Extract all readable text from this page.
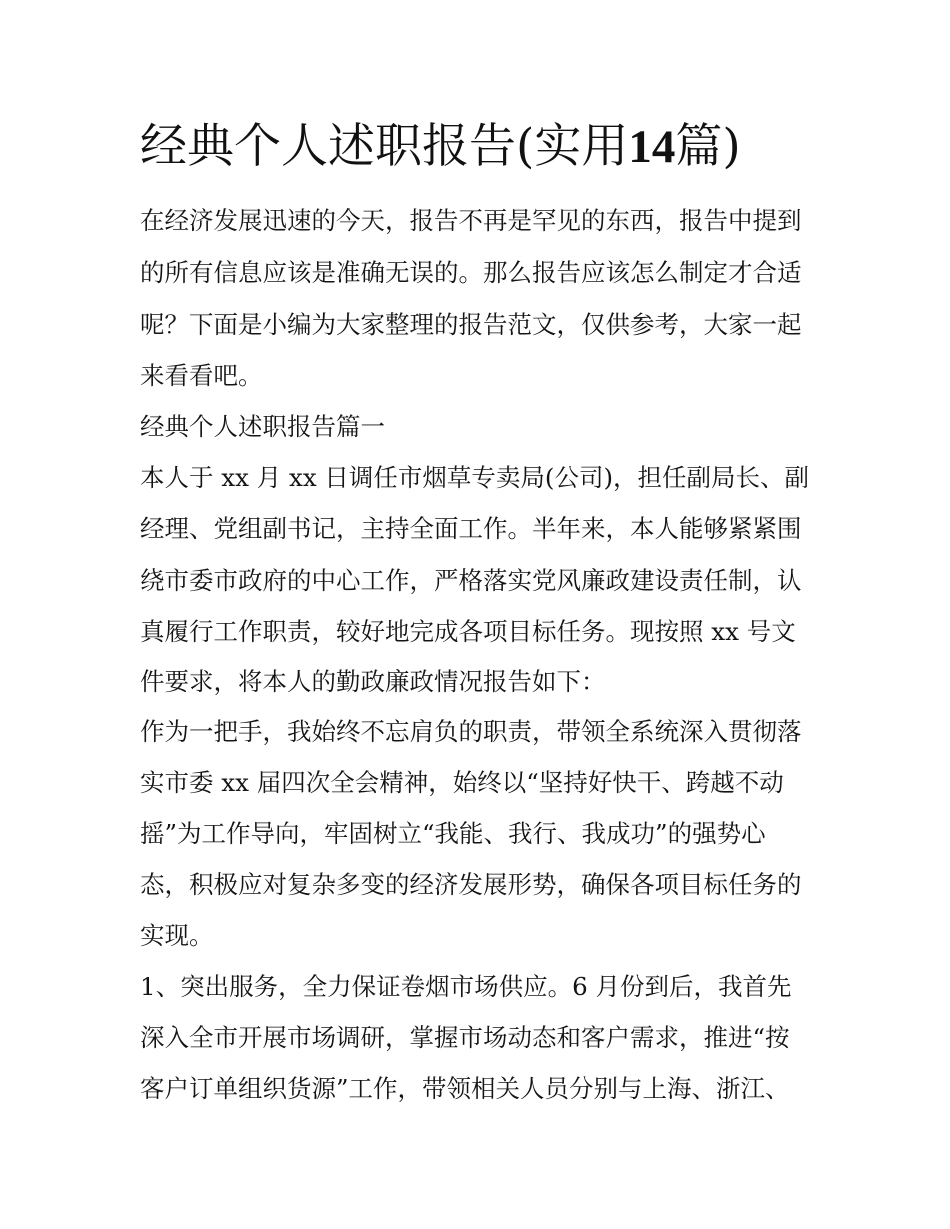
经典个人述职报告(实用14篇)
在经济发展迅速的今天，报告不再是罕见的东西，报告中提到
的所有信息应该是准确无误的。那么报告应该怎么制定才合适
呢？下面是小编为大家整理的报告范文，仅供参考，大家一起
来看看吧。
经典个人述职报告篇一
本人于 xx 月 xx 日调任市烟草专卖局(公司)，担任副局长、副
经理、党组副书记，主持全面工作。半年来，本人能够紧紧围
绕市委市政府的中心工作，严格落实党风廉政建设责任制，认
真履行工作职责，较好地完成各项目标任务。现按照 xx 号文
件要求，将本人的勤政廉政情况报告如下：
作为一把手，我始终不忘肩负的职责，带领全系统深入贯彻落
实市委 xx 届四次全会精神，始终以“坚持好快干、跨越不动
摇”为工作导向，牢固树立“我能、我行、我成功”的强势心
态，积极应对复杂多变的经济发展形势，确保各项目标任务的
实现。
1、突出服务，全力保证卷烟市场供应。6 月份到后，我首先
深入全市开展市场调研，掌握市场动态和客户需求，推进“按
客户订单组织货源”工作，带领相关人员分别与上海、浙江、
